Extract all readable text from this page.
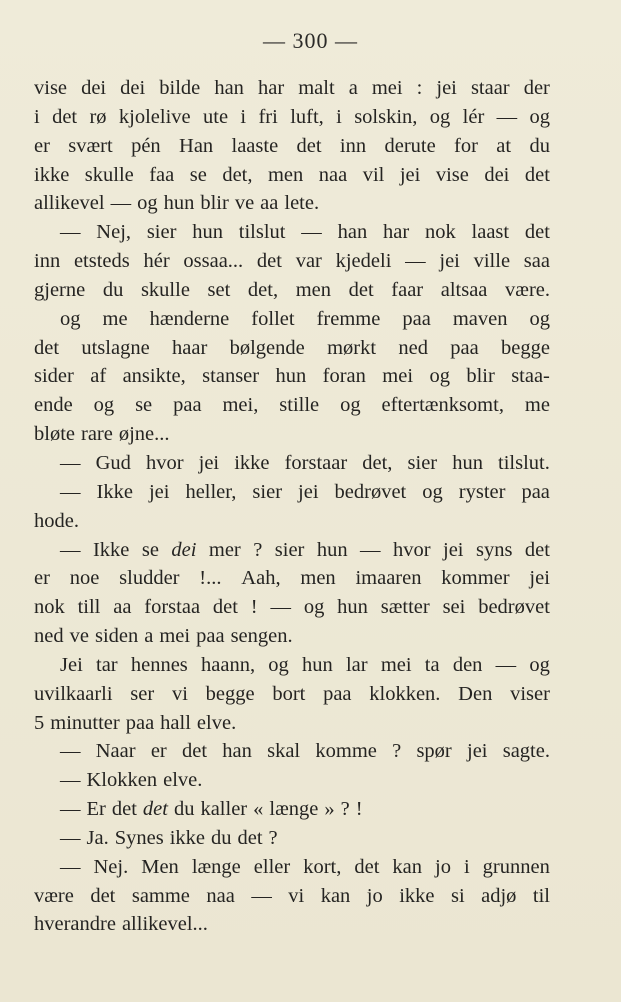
— 300 —
vise dei dei bilde han har malt a mei : jei staar der
i det rø kjolelive ute i fri luft, i solskin, og lér — og
er svært pén Han laaste det inn derute for at du
ikke skulle faa se det, men naa vil jei vise dei det
allikevel — og hun blir ve aa lete.
— Nej, sier hun tilslut — han har nok laast det
inn etsteds hér ossaa... det var kjedeli — jei ville saa
gjerne du skulle set det, men det faar altsaa være.
og me hænderne follet fremme paa maven og
det utslagne haar bølgende mørkt ned paa begge
sider af ansikte, stanser hun foran mei og blir staa-
ende og se paa mei, stille og eftertænksomt, me
bløte rare øjne...
— Gud hvor jei ikke forstaar det, sier hun tilslut.
— Ikke jei heller, sier jei bedrøvet og ryster paa
hode.
— Ikke se dei mer ? sier hun — hvor jei syns det
er noe sludder !... Aah, men imaaren kommer jei
nok till aa forstaa det ! — og hun sætter sei bedrøvet
ned ve siden a mei paa sengen.
Jei tar hennes haann, og hun lar mei ta den — og
uvilkaarli ser vi begge bort paa klokken. Den viser
5 minutter paa hall elve.
— Naar er det han skal komme ? spør jei sagte.
— Klokken elve.
— Er det det du kaller « længe » ? !
— Ja. Synes ikke du det ?
— Nej. Men længe eller kort, det kan jo i grunnen
være det samme naa — vi kan jo ikke si adjø til
hverandre allikevel...
